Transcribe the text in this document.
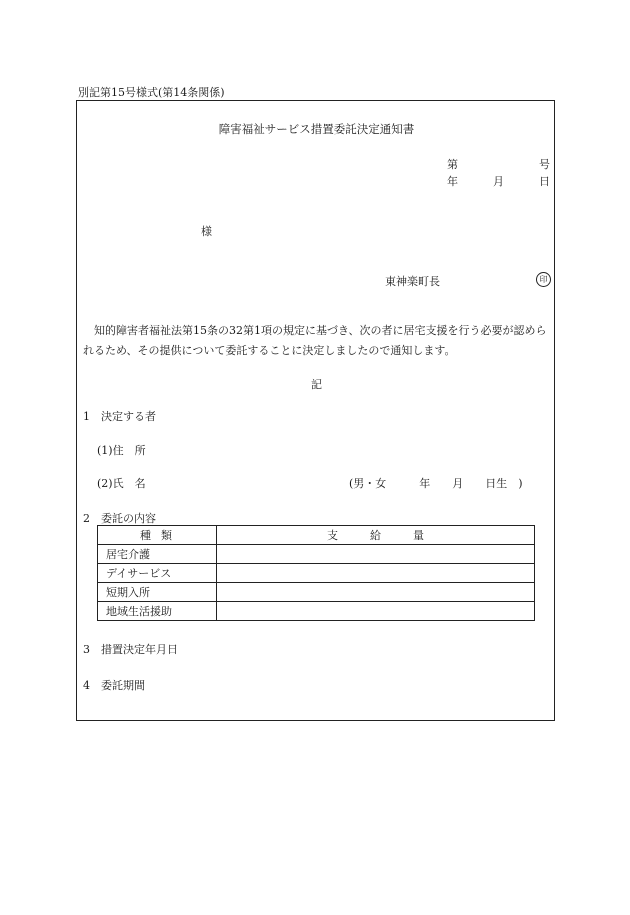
別記第15号様式(第14条関係)
障害福祉サービス措置委託決定通知書
第	号
年	月	日
様
東神楽町長	印
知的障害者福祉法第15条の32第1項の規定に基づき、次の者に居宅支援を行う必要が認められるため、その提供について委託することに決定しましたので通知します。
記
1　決定する者
(1)住　所
(2)氏　名	(男・女　　　年　　月　　日生　)
2　委託の内容
種類	支 給 量
居宅介護	
デイサービス	
短期入所	
地域生活援助	
3　措置決定年月日
4　委託期間
